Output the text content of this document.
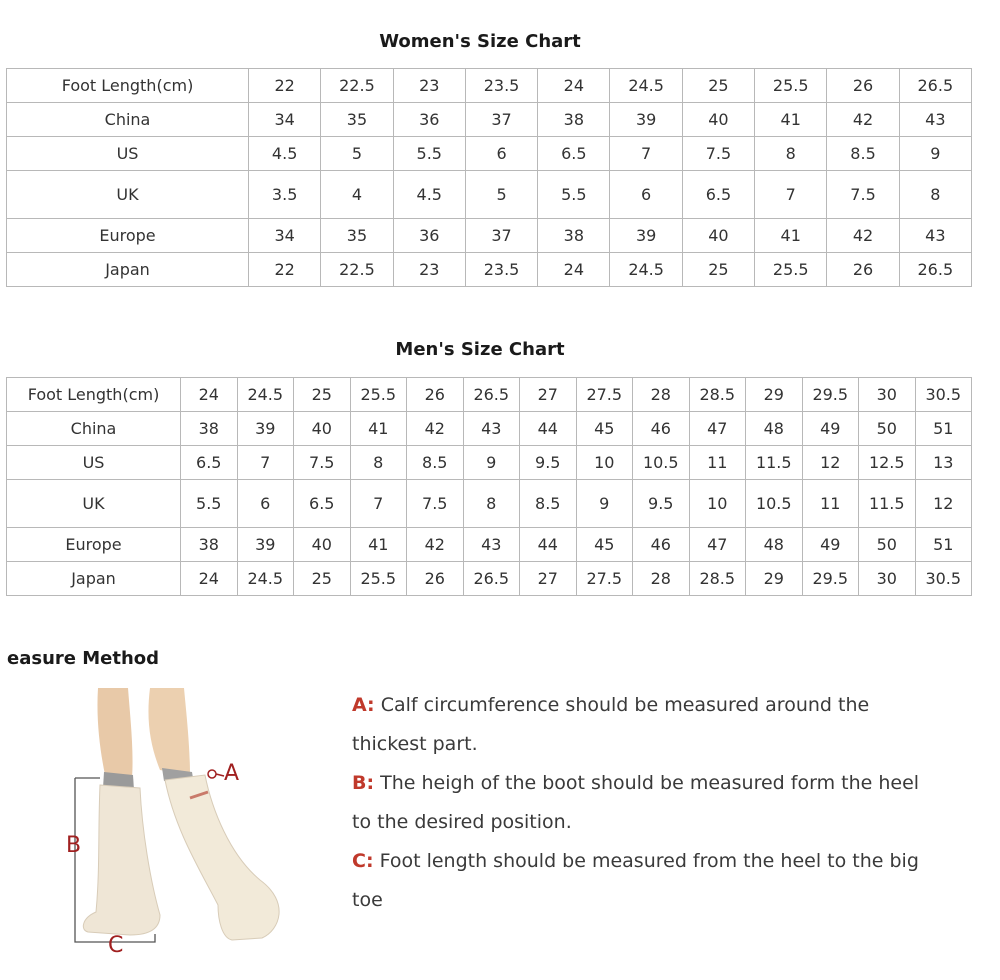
Women's Size Chart
Foot Length(cm)	22	22.5	23	23.5	24	24.5	25	25.5	26	26.5
China	34	35	36	37	38	39	40	41	42	43
US	4.5	5	5.5	6	6.5	7	7.5	8	8.5	9
UK	3.5	4	4.5	5	5.5	6	6.5	7	7.5	8
Europe	34	35	36	37	38	39	40	41	42	43
Japan	22	22.5	23	23.5	24	24.5	25	25.5	26	26.5
Men's Size Chart
Foot Length(cm)	24	24.5	25	25.5	26	26.5	27	27.5	28	28.5	29	29.5	30	30.5
China	38	39	40	41	42	43	44	45	46	47	48	49	50	51
US	6.5	7	7.5	8	8.5	9	9.5	10	10.5	11	11.5	12	12.5	13
UK	5.5	6	6.5	7	7.5	8	8.5	9	9.5	10	10.5	11	11.5	12
Europe	38	39	40	41	42	43	44	45	46	47	48	49	50	51
Japan	24	24.5	25	25.5	26	26.5	27	27.5	28	28.5	29	29.5	30	30.5
easure Method
B
C
A

A: Calf circumference should be measured around the

thickest part.

B: The heigh of the boot should be measured form the heel

to the desired position.

C: Foot length should be measured from the heel to the big

toe
